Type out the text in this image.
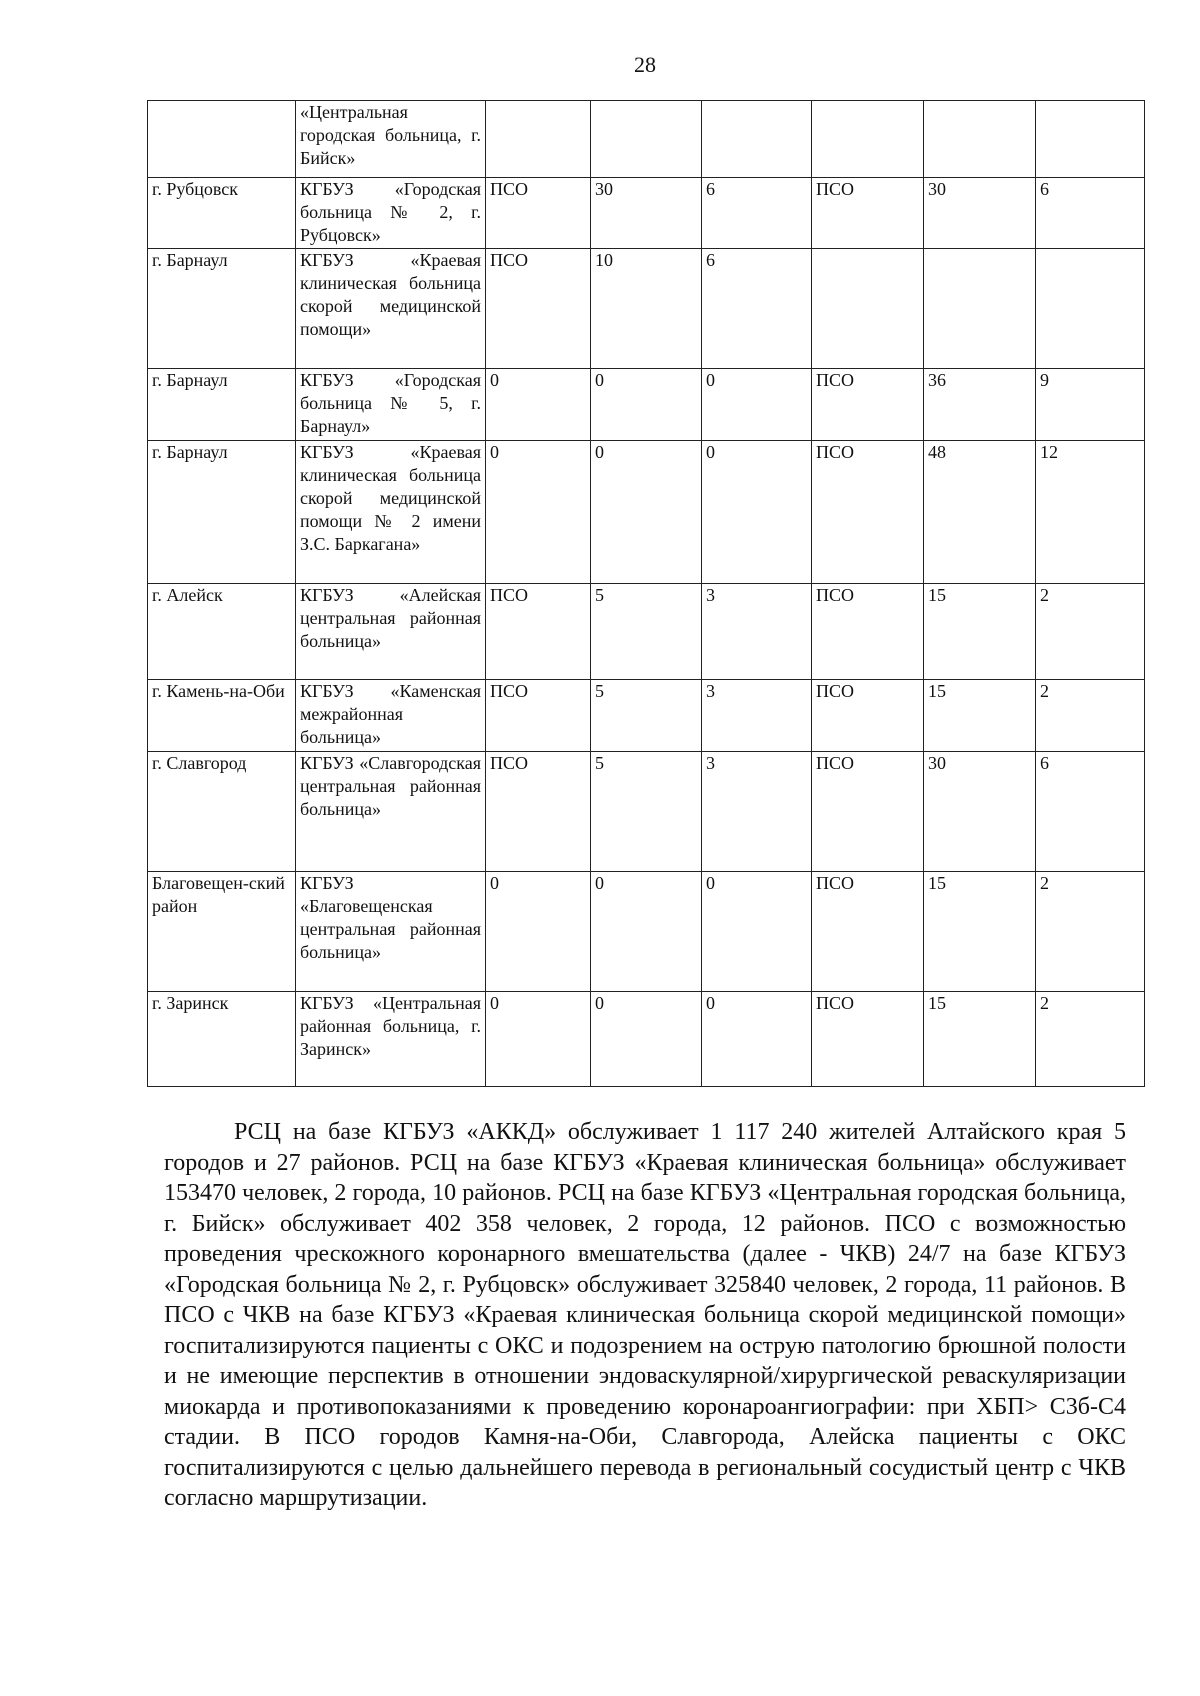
28
	«Центральная городская больница, г. Бийск»						
г. Рубцовск	КГБУЗ «Городская больница № 2, г. Рубцовск»	ПСО	30	6	ПСО	30	6
г. Барнаул	КГБУЗ «Краевая клиническая больница скорой медицинской помощи»	ПСО	10	6			
г. Барнаул	КГБУЗ «Городская больница № 5, г. Барнаул»	0	0	0	ПСО	36	9
г. Барнаул	КГБУЗ «Краевая клиническая больница скорой медицинской помощи № 2 имени З.С. Баркагана»	0	0	0	ПСО	48	12
г. Алейск	КГБУЗ «Алейская центральная районная больница»	ПСО	5	3	ПСО	15	2
г. Камень-на-Оби	КГБУЗ «Каменская межрайонная больница»	ПСО	5	3	ПСО	15	2
г. Славгород	КГБУЗ «Славгородская центральная районная больница»	ПСО	5	3	ПСО	30	6
Благовещен-ский район	КГБУЗ «Благовещенская центральная районная больница»	0	0	0	ПСО	15	2
г. Заринск	КГБУЗ «Центральная районная больница, г. Заринск»	0	0	0	ПСО	15	2

РСЦ на базе КГБУЗ «АККД» обслуживает 1 117 240 жителей Алтайского края 5 городов и 27 районов. РСЦ на базе КГБУЗ «Краевая клиническая больница» обслуживает 153470 человек, 2 города, 10 районов. РСЦ на базе КГБУЗ «Центральная городская больница, г. Бийск» обслуживает 402 358 человек, 2 города, 12 районов. ПСО с возможностью проведения чрескожного коронарного вмешательства (далее - ЧКВ) 24/7 на базе КГБУЗ «Городская больница № 2, г. Рубцовск» обслуживает 325840 человек, 2 города, 11 районов. В ПСО с ЧКВ на базе КГБУЗ «Краевая клиническая больница скорой медицинской помощи» госпитализируются пациенты с ОКС и подозрением на острую патологию брюшной полости и не имеющие перспектив в отношении эндоваскулярной/хирургической реваскуляризации миокарда и противопоказаниями к проведению коронароангиографии: при ХБП> С3б-С4 стадии. В ПСО городов Камня-на-Оби, Славгорода, Алейска пациенты с ОКС госпитализируются с целью дальнейшего перевода в региональный сосудистый центр с ЧКВ согласно маршрутизации.
